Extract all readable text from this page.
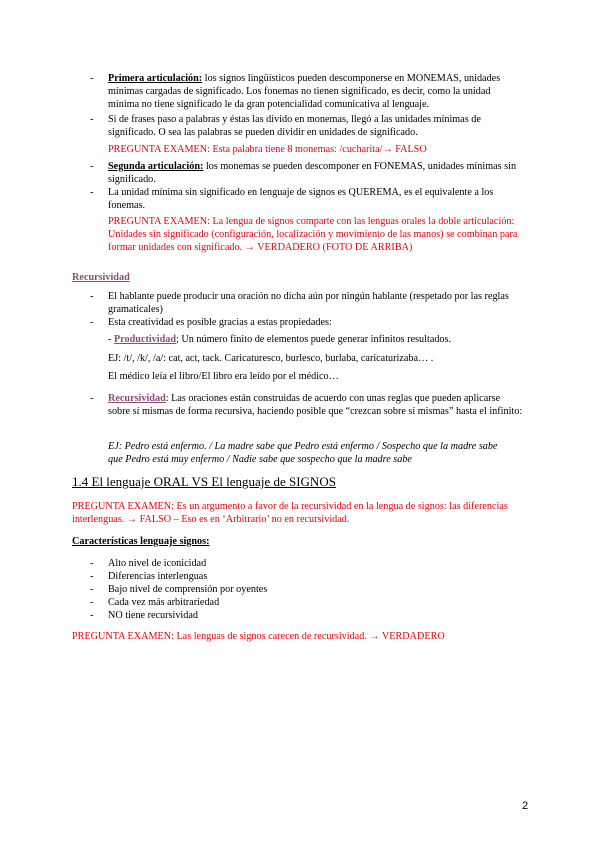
- Primera articulación: los signos lingüísticos pueden descomponerse en MONEMAS, unidades mínimas cargadas de significado. Los fonemas no tienen significado, es decir, como la unidad mínima no tiene significado le da gran potencialidad comunicativa al lenguaje.
- Si de frases paso a palabras y éstas las divido en monemas, llegó a las unidades mínimas de significado. O sea las palabras se pueden dividir en unidades de significado.
PREGUNTA EXAMEN: Esta palabra tiene 8 monemas: /cucharita/→ FALSO
- Segunda articulación: los monemas se pueden descomponer en FONEMAS, unidades mínimas sin significado.
- La unidad mínima sin significado en lenguaje de signos es QUEREMA, es el equivalente a los fonemas.
PREGUNTA EXAMEN: La lengua de signos comparte con las lenguas orales la doble articulación: Unidades sin significado (configuración, localización y movimiento de las manos) se combinan para formar unidades con significado. → VERDADERO (FOTO DE ARRIBA)
Recursividad
- El hablante puede producir una oración no dicha aún por ningún hablante (respetado por las reglas gramaticales)
- Esta creatividad es posible gracias a estas propiedades:
- Productividad; Un número finito de elementos puede generar infinitos resultados.
EJ: /t/, /k/, /a/: cat, act, tack. Caricaturesco, burlesco, burlaba, caricaturizaba… .
El médico leía el libro/El libro era leído por el médico…
- Recursividad: Las oraciones están construidas de acuerdo con unas reglas que pueden aplicarse sobre sí mismas de forma recursiva, haciendo posible que “crezcan sobre sí mismas” hasta el infinito:
EJ: Pedro está enfermo. / La madre sabe que Pedro está enfermo / Sospecho que la madre sabe que Pedro está muy enfermo / Nadie sabe que sospecho que la madre sabe
1.4 El lenguaje ORAL VS El lenguaje de SIGNOS
PREGUNTA EXAMEN: Es un argumento a favor de la recursividad en la lengua de signos: las diferencias interlenguas. → FALSO – Eso es en ‘Arbitrario’ no en recursividad.
Características lenguaje signos:
- Alto nivel de iconicidad
- Diferencias interlenguas
- Bajo nivel de comprensión por oyentes
- Cada vez más arbitrariedad
- NO tiene recursividad
PREGUNTA EXAMEN: Las lenguas de signos carecen de recursividad. → VERDADERO
2
